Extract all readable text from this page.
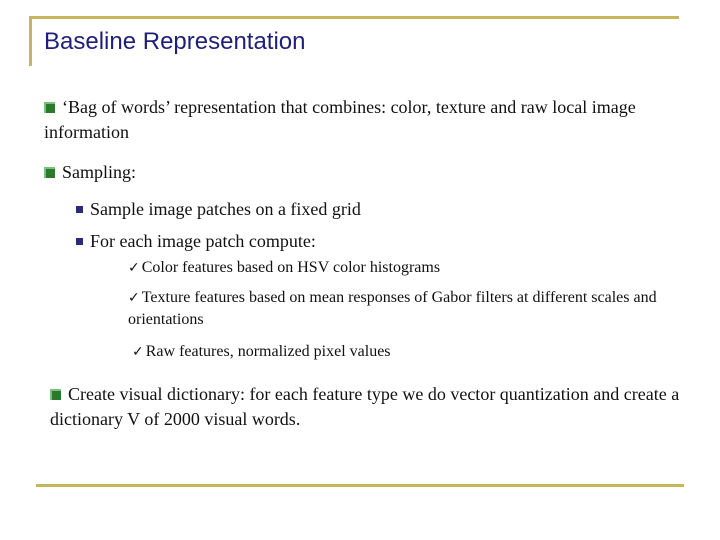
Baseline Representation

‘Bag of words’ representation that combines: color, texture and raw local image information

Sampling:

Sample image patches on a fixed grid

For each image patch compute:

✓ Color features based on HSV color histograms

✓ Texture features based on mean responses of Gabor filters at different scales and orientations

✓ Raw features, normalized pixel values

Create visual dictionary: for each feature type we do vector quantization and create a dictionary V of 2000 visual words.
